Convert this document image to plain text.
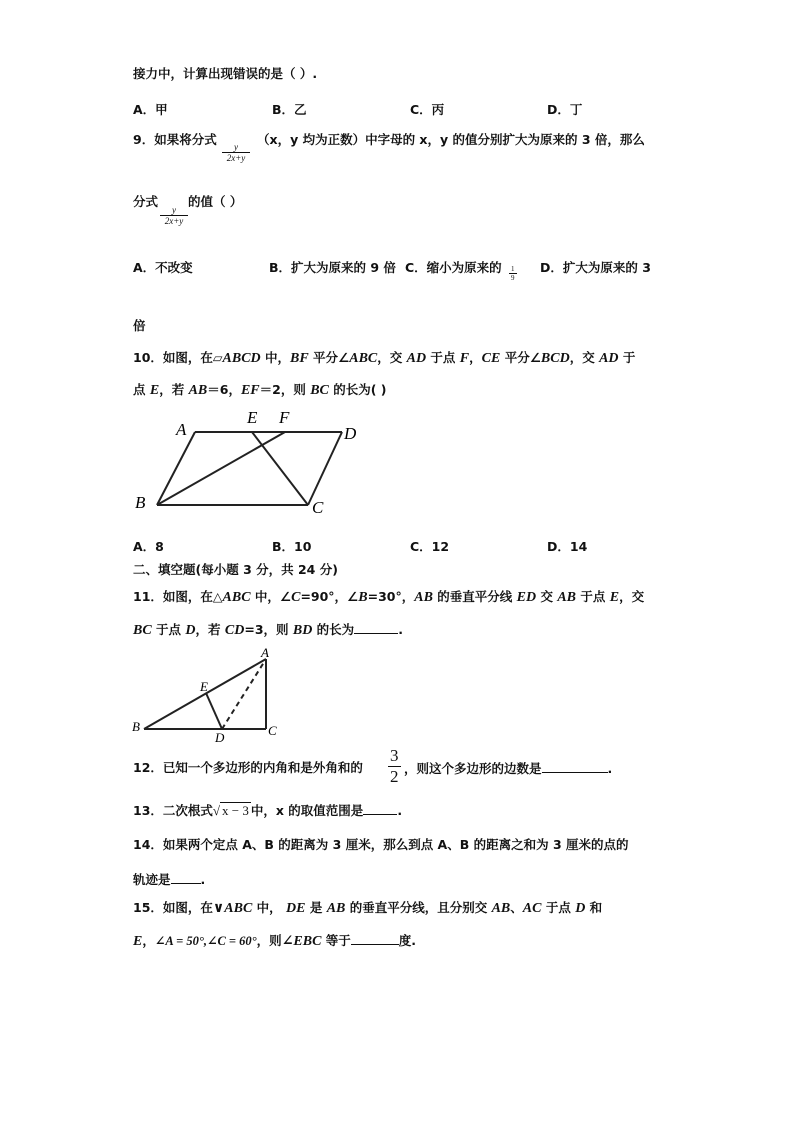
接力中，计算出现错误的是（ ）.
A．甲	B．乙	C．丙	D．丁
9．如果将分式
$\frac{y}{2x+y}$
（x，y 均为正数）中字母的 x，y 的值分别扩大为原来的 3 倍，那么
分式
$\frac{y}{2x+y}$
的值（ ）
A．不改变	B．扩大为原来的 9 倍 C．缩小为原来的 $\frac{1}{9}$ D．扩大为原来的 3
倍
10．如图，在▱ABCD 中，BF 平分∠ABC，交 AD 于点 F，CE 平分∠BCD，交 AD 于
点 E，若 AB＝6，EF＝2，则 BC 的长为( )
A
E F
D
B	C
A．8	B．10	C．12	D．14
二、填空题(每小题 3 分，共 24 分)
11．如图，在△ABC 中，∠C=90°，∠B=30°，AB 的垂直平分线 ED 交 AB 于点 E，交
BC 于点 D，若 CD=3，则 BD 的长为	.
A
E
B
D	C
12．已知一个多边形的内角和是外角和的 $\frac{3}{2}$ ，则这个多边形的边数是	.
13．二次根式√ x − 3 中，x 的取值范围是	.
14．如果两个定点 A、B 的距离为 3 厘米，那么到点 A、B 的距离之和为 3 厘米的点的
轨迹是 .
15．如图，在∨ABC 中， DE 是 AB 的垂直平分线，且分别交 AB、AC 于点 D 和
E，∠A = 50°,∠C = 60°，则∠EBC 等于	度.
